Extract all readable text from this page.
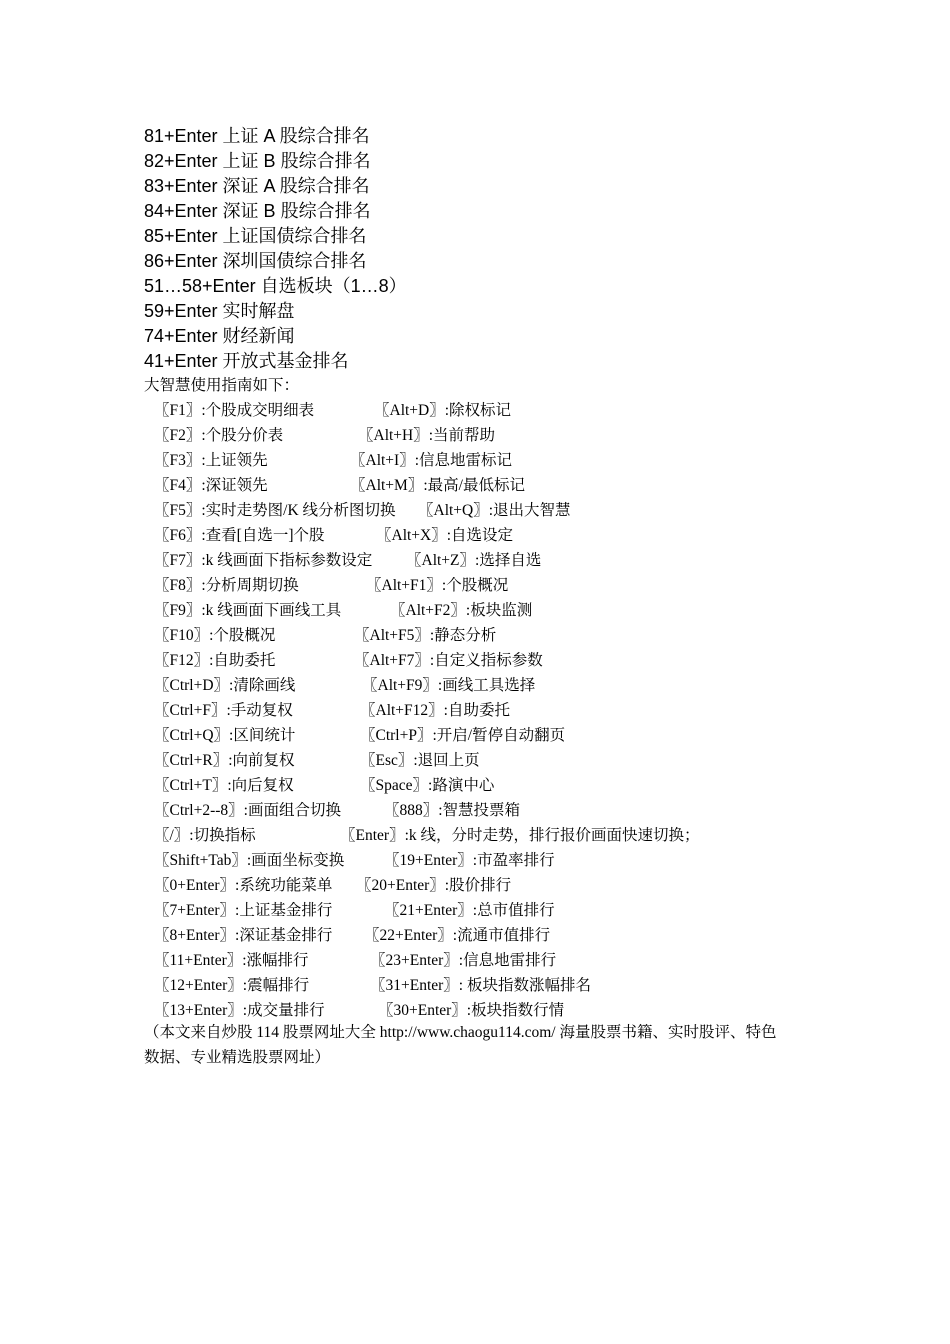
81+Enter 上证 A 股综合排名
82+Enter 上证 B 股综合排名
83+Enter 深证 A 股综合排名
84+Enter 深证 B 股综合排名
85+Enter 上证国债综合排名
86+Enter 深圳国债综合排名
51…58+Enter 自选板块（1…8）
59+Enter 实时解盘
74+Enter 财经新闻
41+Enter 开放式基金排名
大智慧使用指南如下：
〖F1〗:个股成交明细表	〖Alt+D〗:除权标记
〖F2〗:个股分价表	〖Alt+H〗:当前帮助
〖F3〗:上证领先	〖Alt+I〗:信息地雷标记
〖F4〗:深证领先	〖Alt+M〗:最高/最低标记
〖F5〗:实时走势图/K 线分析图切换 〖Alt+Q〗:退出大智慧
〖F6〗:查看[自选一]个股	〖Alt+X〗:自选设定
〖F7〗:k 线画面下指标参数设定 〖Alt+Z〗:选择自选
〖F8〗:分析周期切换	〖Alt+F1〗:个股概况
〖F9〗:k 线画面下画线工具	〖Alt+F2〗:板块监测
〖F10〗:个股概况	〖Alt+F5〗:静态分析
〖F12〗:自助委托	〖Alt+F7〗:自定义指标参数
〖Ctrl+D〗:清除画线	〖Alt+F9〗:画线工具选择
〖Ctrl+F〗:手动复权	〖Alt+F12〗:自助委托
〖Ctrl+Q〗:区间统计	〖Ctrl+P〗:开启/暂停自动翻页
〖Ctrl+R〗:向前复权	〖Esc〗:退回上页
〖Ctrl+T〗:向后复权	〖Space〗:路演中心
〖Ctrl+2--8〗:画面组合切换	〖888〗:智慧投票箱
〖/〗:切换指标	〖Enter〗:k 线，分时走势，排行报价画面快速切换；
〖Shift+Tab〗:画面坐标变换	〖19+Enter〗:市盈率排行
〖0+Enter〗:系统功能菜单 〖20+Enter〗:股价排行
〖7+Enter〗:上证基金排行	〖21+Enter〗:总市值排行
〖8+Enter〗:深证基金排行 〖22+Enter〗:流通市值排行
〖11+Enter〗:涨幅排行	〖23+Enter〗:信息地雷排行
〖12+Enter〗:震幅排行	〖31+Enter〗: 板块指数涨幅排名
〖13+Enter〗:成交量排行	〖30+Enter〗:板块指数行情
（本文来自炒股 114 股票网址大全 http://www.chaogu114.com/ 海量股票书籍、实时股评、特色
数据、专业精选股票网址）
